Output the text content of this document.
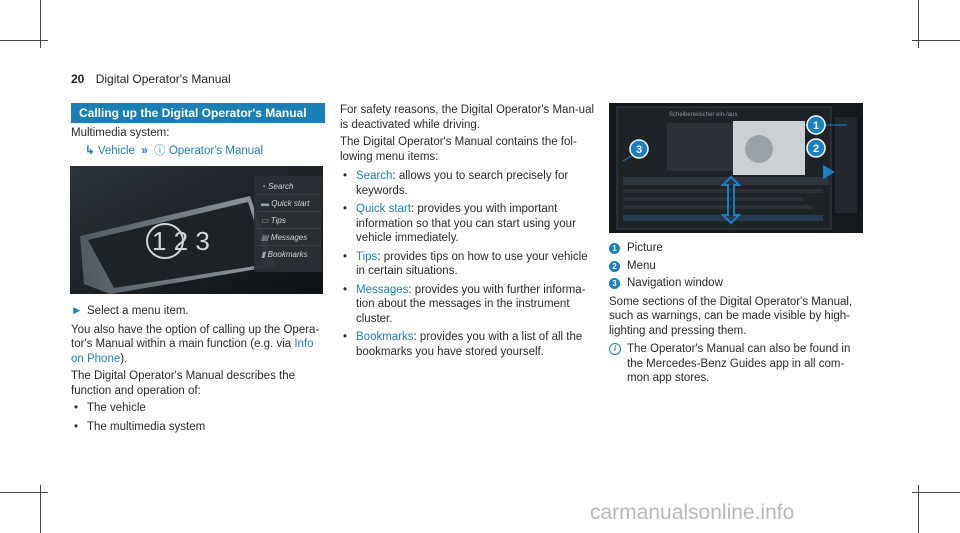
20 Digital Operator's Manual
Calling up the Digital Operator's Manual

Multimedia system:

↳ Vehicle  »  ⓘ Operator's Manual
1 2 3
◔ Search
▬ Quick start
▭ Tips
▤ Messages
▮ Bookmarks
► Select a menu item.

You also have the option of calling up the Opera-tor's Manual within a main function (e.g. via Info on Phone).

The Digital Operator's Manual describes the function and operation of:

• The vehicle
• The multimedia system

For safety reasons, the Digital Operator's Man-ual is deactivated while driving.

The Digital Operator's Manual contains the fol-lowing menu items:

• Search: allows you to search precisely for keywords.
• Quick start: provides you with important information so that you can start using your vehicle immediately.
• Tips: provides tips on how to use your vehicle in certain situations.
• Messages: provides you with further informa-tion about the messages in the instrument cluster.
• Bookmarks: provides you with a list of all the bookmarks you have stored yourself.
Scheibenwischer ein-/aus
1
2
3
1 Picture
2 Menu
3 Navigation window

Some sections of the Digital Operator's Manual, such as warnings, can be made visible by high-lighting and pressing them.

i The Operator's Manual can also be found in the Mercedes-Benz Guides app in all com-mon app stores.
carmanualsonline.info
